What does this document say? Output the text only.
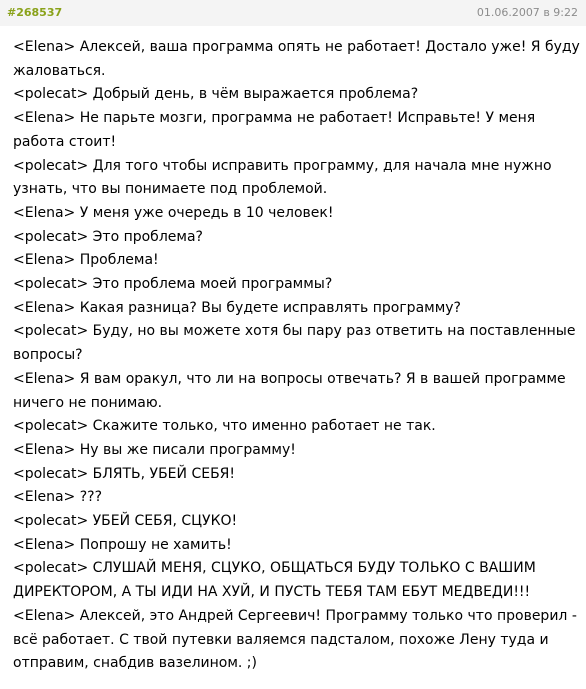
#268537	01.06.2007 в 9:22
<Elena> Алексей, ваша программа опять не работает! Достало уже! Я буду жаловаться.
<polecat> Добрый день, в чём выражается проблема?
<Elena> Не парьте мозги, программа не работает! Исправьте! У меня работа стоит!
<polecat> Для того чтобы исправить программу, для начала мне нужно узнать, что вы понимаете под проблемой.
<Elena> У меня уже очередь в 10 человек!
<polecat> Это проблема?
<Elena> Проблема!
<polecat> Это проблема моей программы?
<Elena> Какая разница? Вы будете исправлять программу?
<polecat> Буду, но вы можете хотя бы пару раз ответить на поставленные вопросы?
<Elena> Я вам оракул, что ли на вопросы отвечать? Я в вашей программе ничего не понимаю.
<polecat> Скажите только, что именно работает не так.
<Elena> Ну вы же писали программу!
<polecat> БЛЯТЬ, УБЕЙ СЕБЯ!
<Elena> ???
<polecat> УБЕЙ СЕБЯ, СЦУКО!
<Elena> Попрошу не хамить!
<polecat> СЛУШАЙ МЕНЯ, СЦУКО, ОБЩАТЬСЯ БУДУ ТОЛЬКО С ВАШИМ ДИРЕКТОРОМ, А ТЫ ИДИ НА ХУЙ, И ПУСТЬ ТЕБЯ ТАМ ЕБУТ МЕДВЕДИ!!!
<Elena> Алексей, это Андрей Сергеевич! Программу только что проверил - всё работает. С твой путевки валяемся падсталом, похоже Лену туда и отправим, снабдив вазелином. ;)
